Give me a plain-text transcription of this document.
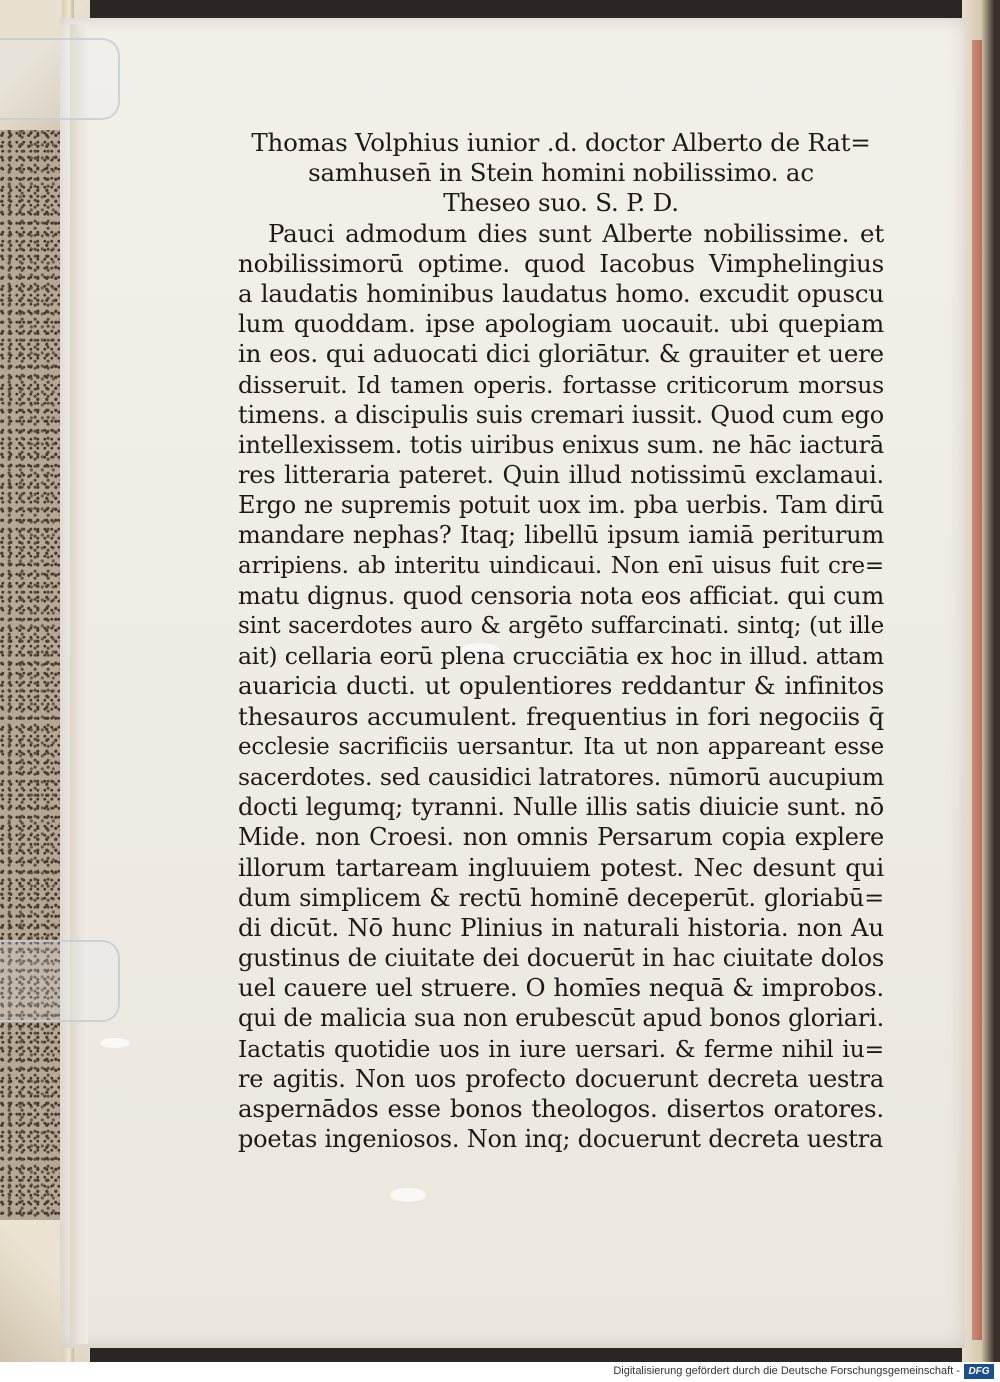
Thomas Volphius iunior .d. doctor Alberto de Rat=
samhusen̄ in Stein homini nobilissimo. ac
Theseo suo. S. P. D.
Pauci admodum dies sunt Alberte nobilissime. et
nobilissimorū optime. quod Iacobus Vimphelingius
a laudatis hominibus laudatus homo. excudit opuscu
lum quoddam. ipse apologiam uocauit. ubi quepiam
in eos. qui aduocati dici gloriātur. & grauiter et uere
disseruit. Id tamen operis. fortasse criticorum morsus
timens. a discipulis suis cremari iussit. Quod cum ego
intellexissem. totis uiribus enixus sum. ne hāc iacturā
res litteraria pateret. Quin illud notissimū exclamaui.
Ergo ne supremis potuit uox im. pba uerbis. Tam dirū
mandare nephas? Itaq; libellū ipsum iamiā periturum
arripiens. ab interitu uindicaui. Non enī uisus fuit cre=
matu dignus. quod censoria nota eos afficiat. qui cum
sint sacerdotes auro & argēto suffarcinati. sintq; (ut ille
ait) cellaria eorū plena crucciātia ex hoc in illud. attam
auaricia ducti. ut opulentiores reddantur & infinitos
thesauros accumulent. frequentius in fori negociis q̄
ecclesie sacrificiis uersantur. Ita ut non appareant esse
sacerdotes. sed causidici latratores. nūmorū aucupium
docti legumq; tyranni. Nulle illis satis diuicie sunt. nō
Mide. non Croesi. non omnis Persarum copia explere
illorum tartaream ingluuiem potest. Nec desunt qui
dum simplicem & rectū hominē deceperūt. gloriabū=
di dicūt. Nō hunc Plinius in naturali historia. non Au
gustinus de ciuitate dei docuerūt in hac ciuitate dolos
uel cauere uel struere. O homīes nequā & improbos.
qui de malicia sua non erubescūt apud bonos gloriari.
Iactatis quotidie uos in iure uersari. & ferme nihil iu=
re agitis. Non uos profecto docuerunt decreta uestra
aspernādos esse bonos theologos. disertos oratores.
poetas ingeniosos. Non inq; docuerunt decreta uestra
Digitalisierung gefördert durch die Deutsche Forschungsgemeinschaft - DFG
